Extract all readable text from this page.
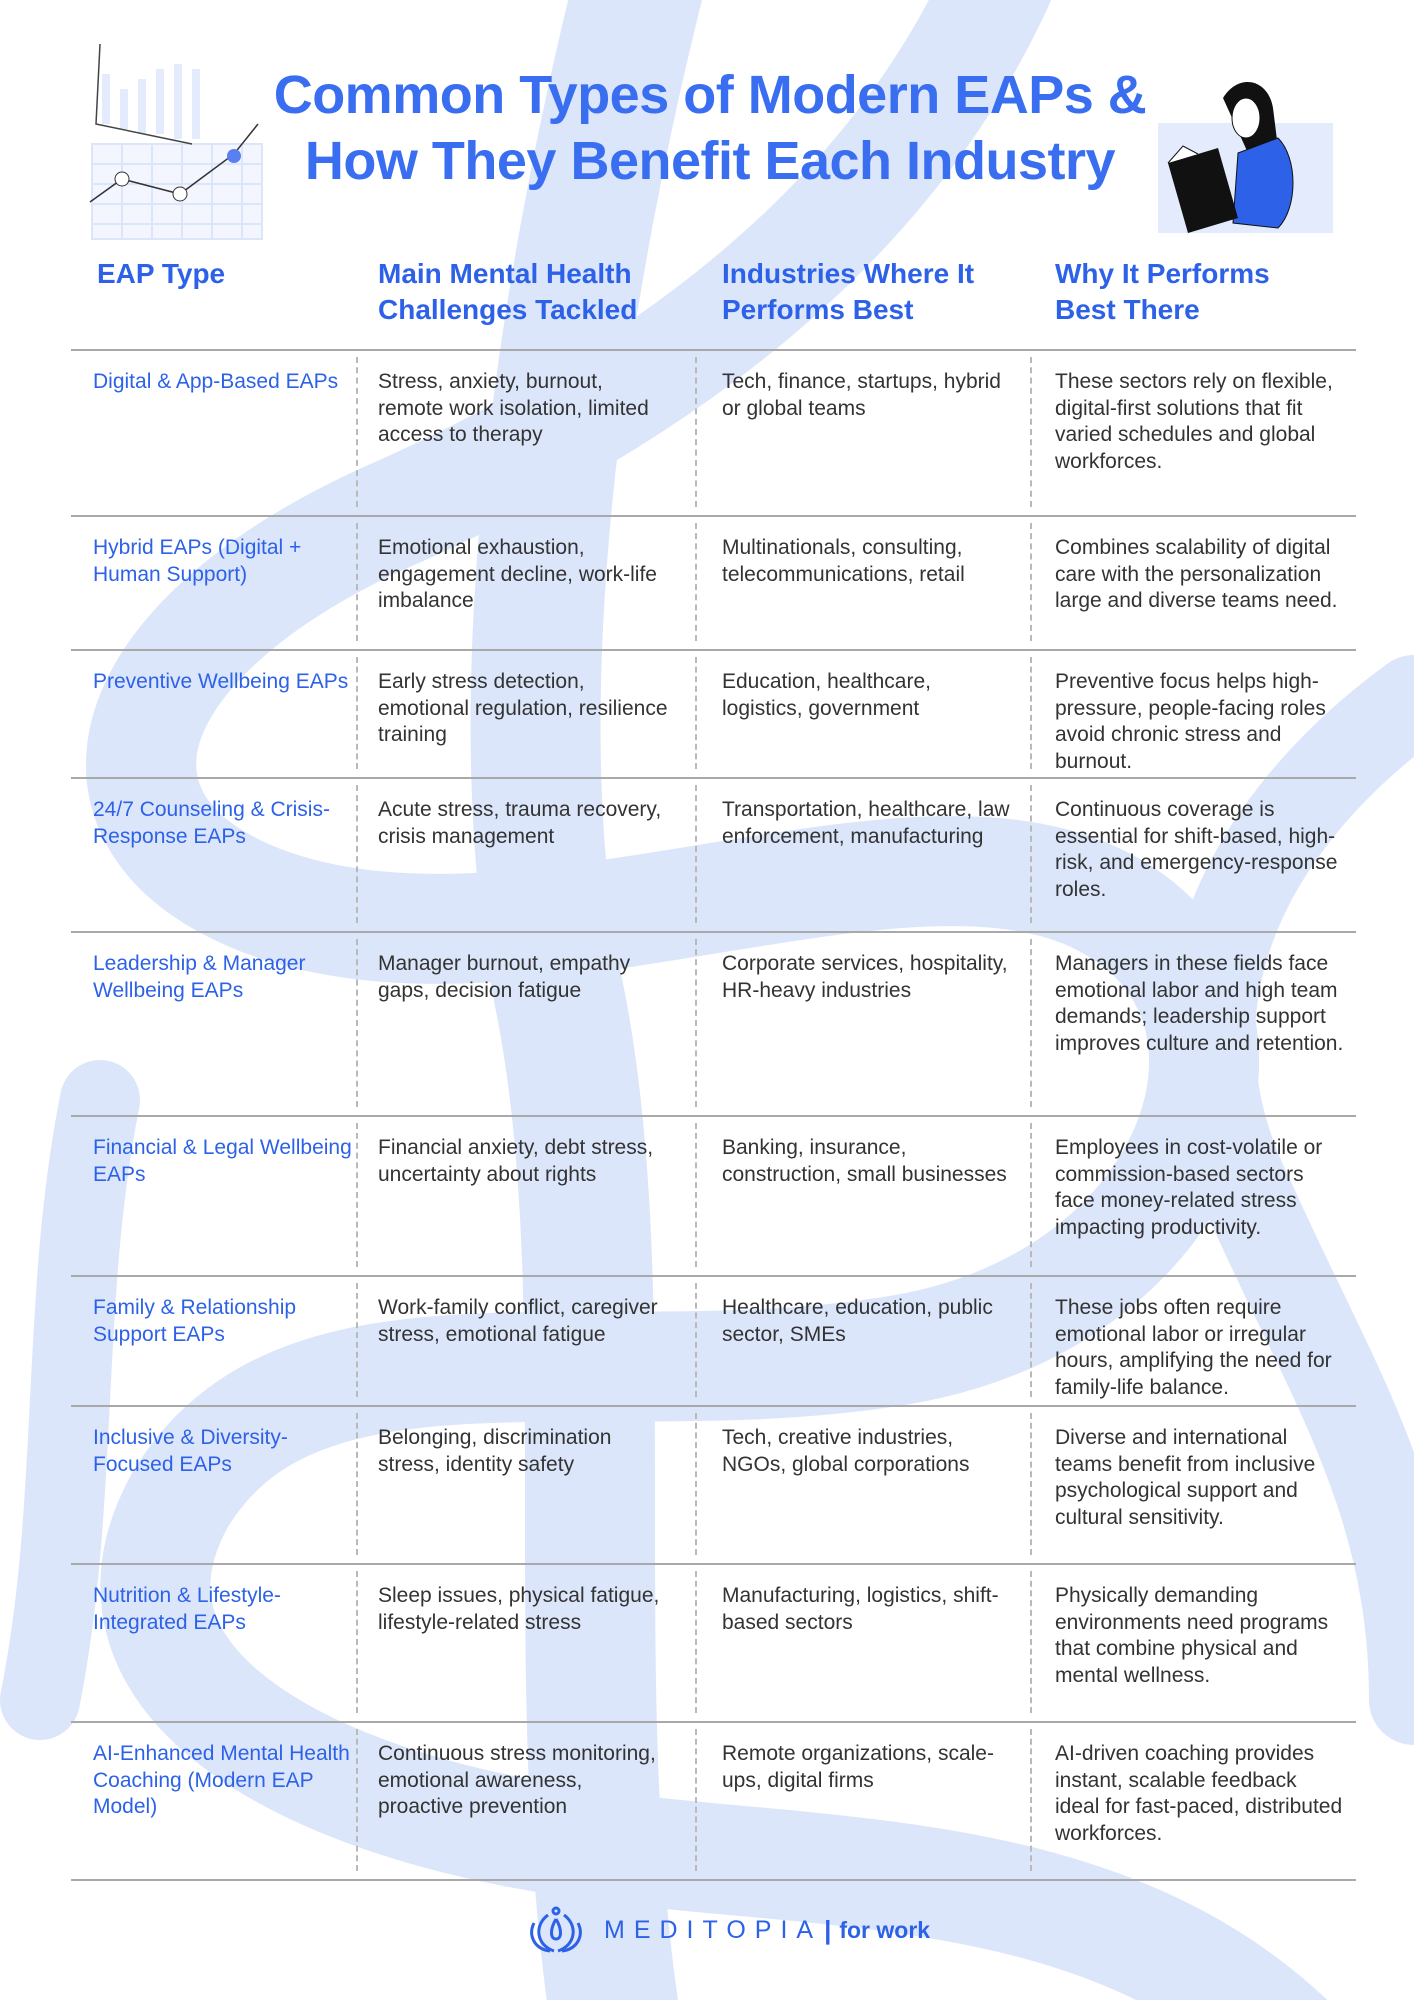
Common Types of Modern EAPs &
How They Benefit Each Industry
EAP Type	Main Mental Health Challenges Tackled
Industries Where It Performs Best
Why It Performs Best There
Digital & App-Based EAPs	Stress, anxiety, burnout, remote work isolation, limited access to therapy
Tech, finance, startups, hybrid or global teams
These sectors rely on flexible, digital-first solutions that fit varied schedules and global workforces.
Hybrid EAPs (Digital + Human Support)
Emotional exhaustion, engagement decline, work-life imbalance
Multinationals, consulting, telecommunications, retail
Combines scalability of digital care with the personalization large and diverse teams need.
Preventive Wellbeing EAPs Early stress detection, emotional regulation, resilience training
Education, healthcare, logistics, government
Preventive focus helps high-pressure, people-facing roles avoid chronic stress and burnout.
24/7 Counseling & Crisis-Response EAPs
Acute stress, trauma recovery, crisis management
Transportation, healthcare, law enforcement, manufacturing
Continuous coverage is essential for shift-based, high-risk, and emergency-response roles.
Leadership & Manager Wellbeing EAPs
Manager burnout, empathy gaps, decision fatigue
Corporate services, hospitality, HR-heavy industries
Managers in these fields face emotional labor and high team demands; leadership support improves culture and retention.
Financial & Legal Wellbeing EAPs
Financial anxiety, debt stress, uncertainty about rights
Banking, insurance, construction, small businesses
Employees in cost-volatile or commission-based sectors face money-related stress impacting productivity.
Family & Relationship Support EAPs
Work-family conflict, caregiver stress, emotional fatigue
Healthcare, education, public sector, SMEs
These jobs often require emotional labor or irregular hours, amplifying the need for family-life balance.
Inclusive & Diversity-Focused EAPs
Belonging, discrimination stress, identity safety
Tech, creative industries, NGOs, global corporations
Diverse and international teams benefit from inclusive psychological support and cultural sensitivity.
Nutrition & Lifestyle-Integrated EAPs
Sleep issues, physical fatigue, lifestyle-related stress
Manufacturing, logistics, shift-based sectors
Physically demanding environments need programs that combine physical and mental wellness.
AI-Enhanced Mental Health Coaching (Modern EAP Model)
Continuous stress monitoring, emotional awareness, proactive prevention
Remote organizations, scale-ups, digital firms
AI-driven coaching provides instant, scalable feedback ideal for fast-paced, distributed workforces.
MEDITOPIA | for work
